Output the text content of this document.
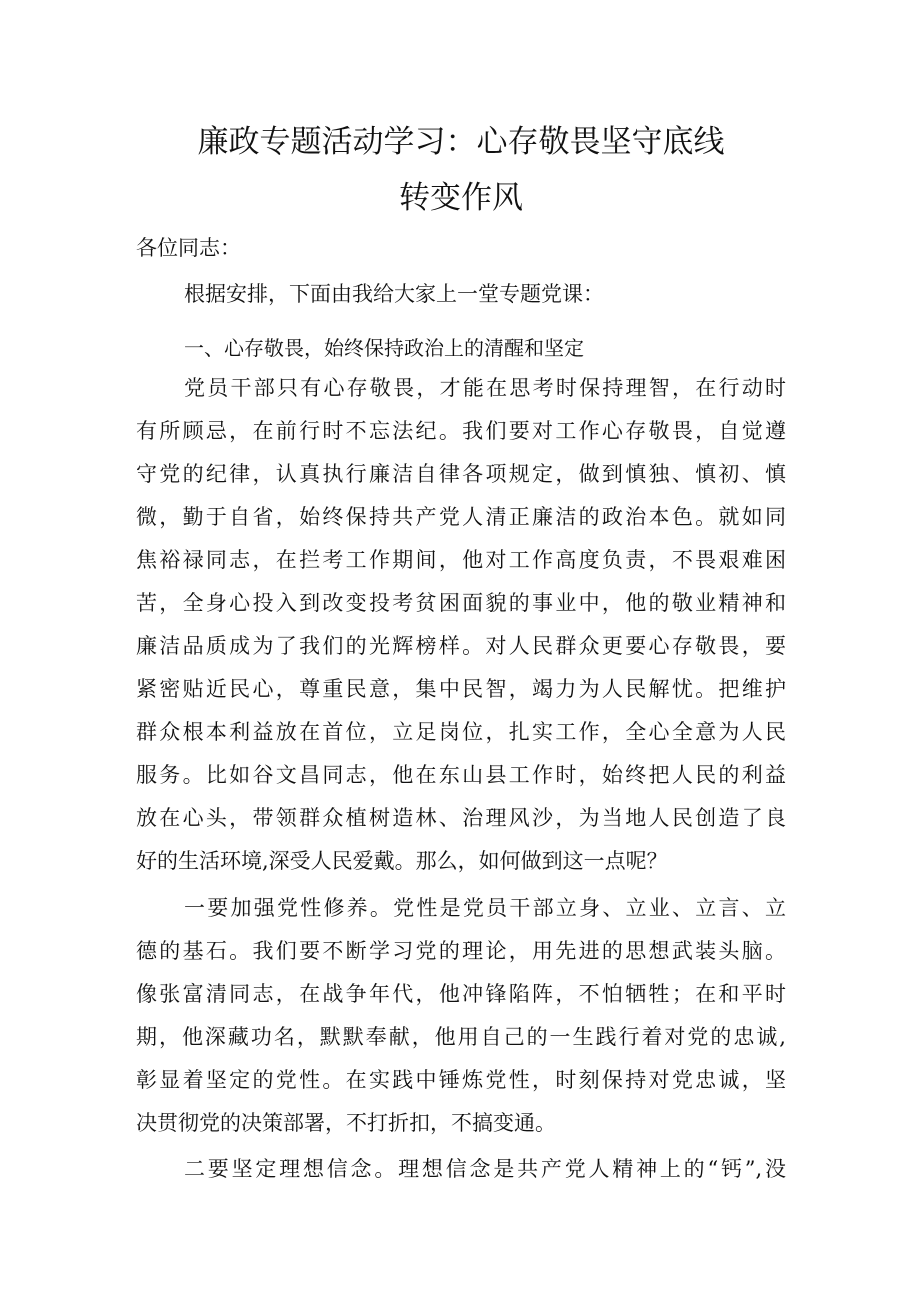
廉政专题活动学习：心存敬畏坚守底线
转变作风
各位同志：
根据安排，下面由我给大家上一堂专题党课：
一、心存敬畏，始终保持政治上的清醒和坚定
党员干部只有心存敬畏，才能在思考时保持理智，在行动时
有所顾忌，在前行时不忘法纪。我们要对工作心存敬畏，自觉遵
守党的纪律，认真执行廉洁自律各项规定，做到慎独、慎初、慎
微，勤于自省，始终保持共产党人清正廉洁的政治本色。就如同
焦裕禄同志，在拦考工作期间，他对工作高度负责，不畏艰难困
苦，全身心投入到改变投考贫困面貌的事业中，他的敬业精神和
廉洁品质成为了我们的光辉榜样。对人民群众更要心存敬畏，要
紧密贴近民心，尊重民意，集中民智，竭力为人民解忧。把维护
群众根本利益放在首位，立足岗位，扎实工作，全心全意为人民
服务。比如谷文昌同志，他在东山县工作时，始终把人民的利益
放在心头，带领群众植树造林、治理风沙，为当地人民创造了良
好的生活环境,深受人民爱戴。那么，如何做到这一点呢？
一要加强党性修养。党性是党员干部立身、立业、立言、立
德的基石。我们要不断学习党的理论，用先进的思想武装头脑。
像张富清同志，在战争年代，他冲锋陷阵，不怕牺牲；在和平时
期，他深藏功名，默默奉献，他用自己的一生践行着对党的忠诚,
彰显着坚定的党性。在实践中锤炼党性，时刻保持对党忠诚，坚
决贯彻党的决策部署，不打折扣，不搞变通。
二要坚定理想信念。理想信念是共产党人精神上的“钙”,没
